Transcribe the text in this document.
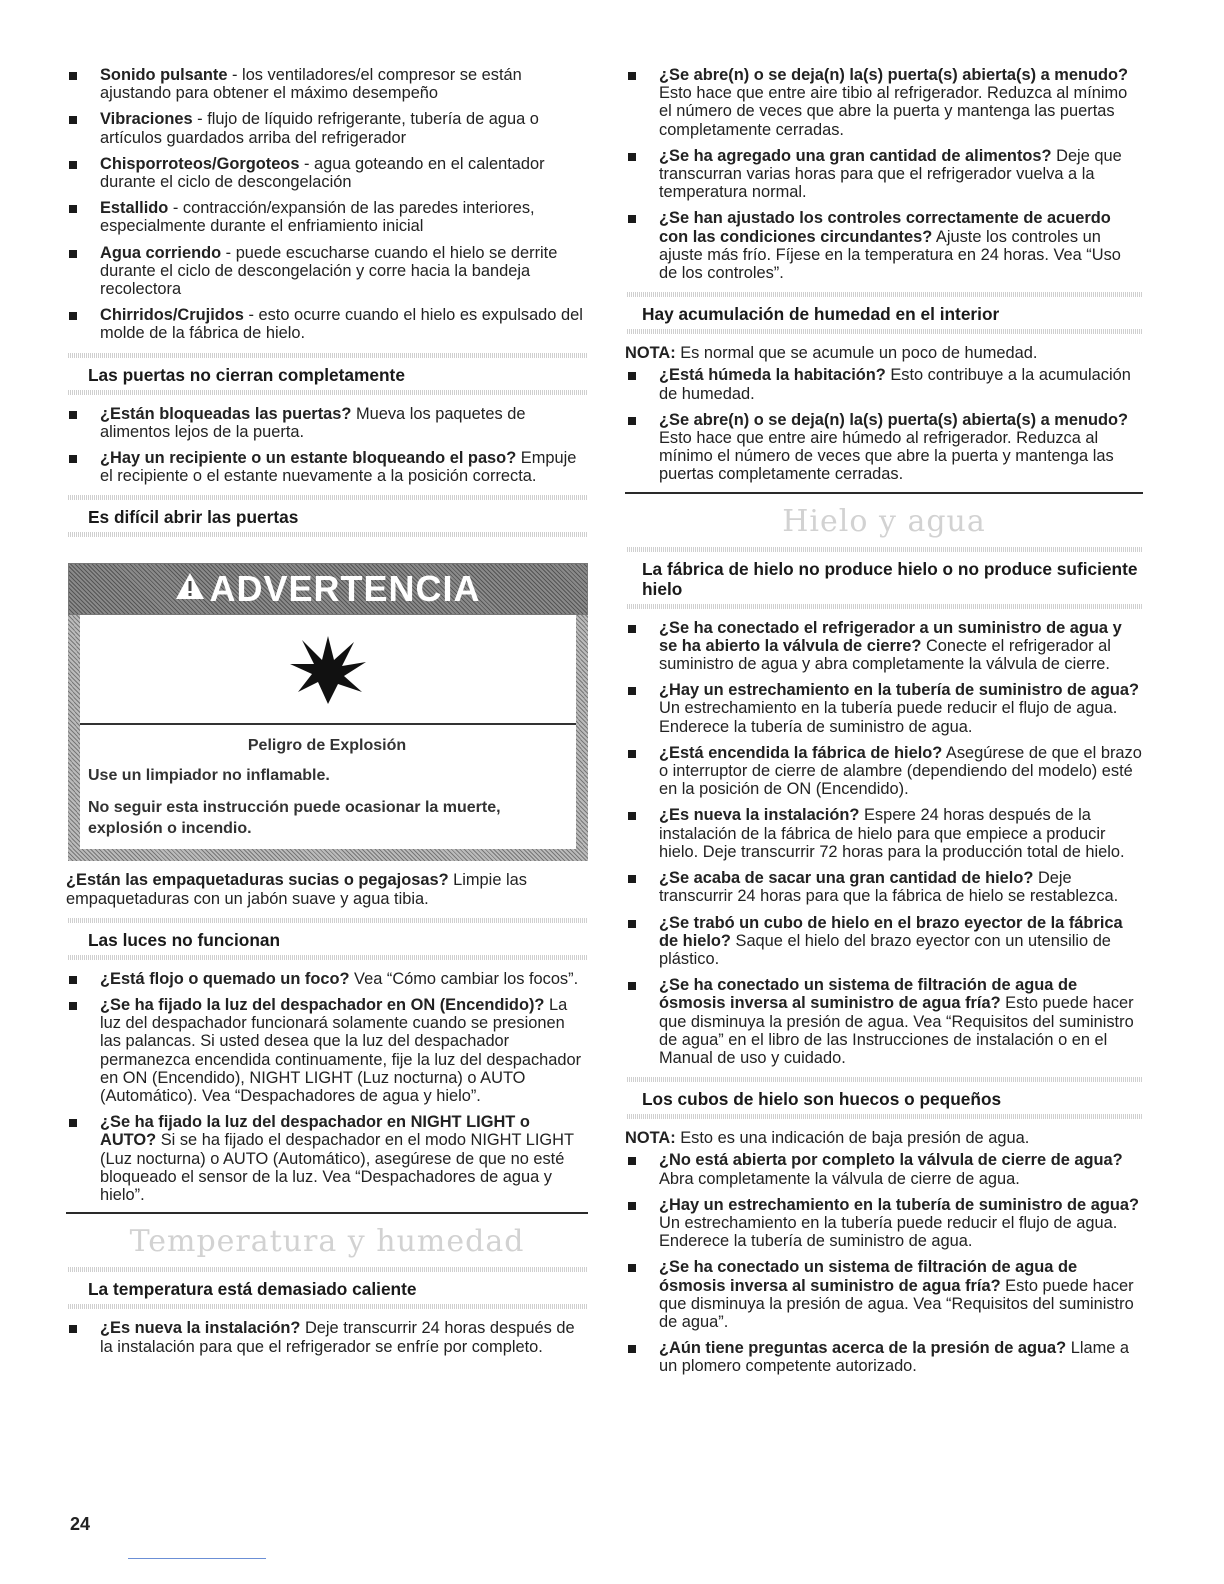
Sonido pulsante - los ventiladores/el compresor se están ajustando para obtener el máximo desempeño
Vibraciones - flujo de líquido refrigerante, tubería de agua o artículos guardados arriba del refrigerador
Chisporroteos/Gorgoteos - agua goteando en el calentador durante el ciclo de descongelación
Estallido - contracción/expansión de las paredes interiores, especialmente durante el enfriamiento inicial
Agua corriendo - puede escucharse cuando el hielo se derrite durante el ciclo de descongelación y corre hacia la bandeja recolectora
Chirridos/Crujidos - esto ocurre cuando el hielo es expulsado del molde de la fábrica de hielo.
Las puertas no cierran completamente
¿Están bloqueadas las puertas? Mueva los paquetes de alimentos lejos de la puerta.
¿Hay un recipiente o un estante bloqueando el paso? Empuje el recipiente o el estante nuevamente a la posición correcta.
Es difícil abrir las puertas
ADVERTENCIA
Peligro de Explosión
Use un limpiador no inflamable.
No seguir esta instrucción puede ocasionar la muerte, explosión o incendio.
¿Están las empaquetaduras sucias o pegajosas? Limpie las empaquetaduras con un jabón suave y agua tibia.
Las luces no funcionan
¿Está flojo o quemado un foco? Vea “Cómo cambiar los focos”.
¿Se ha fijado la luz del despachador en ON (Encendido)? La luz del despachador funcionará solamente cuando se presionen las palancas. Si usted desea que la luz del despachador permanezca encendida continuamente, fije la luz del despachador en ON (Encendido), NIGHT LIGHT (Luz nocturna) o AUTO (Automático). Vea “Despachadores de agua y hielo”.
¿Se ha fijado la luz del despachador en NIGHT LIGHT o AUTO? Si se ha fijado el despachador en el modo NIGHT LIGHT (Luz nocturna) o AUTO (Automático), asegúrese de que no esté bloqueado el sensor de la luz. Vea “Despachadores de agua y hielo”.
Temperatura y humedad
La temperatura está demasiado caliente
¿Es nueva la instalación? Deje transcurrir 24 horas después de la instalación para que el refrigerador se enfríe por completo.
¿Se abre(n) o se deja(n) la(s) puerta(s) abierta(s) a menudo? Esto hace que entre aire tibio al refrigerador. Reduzca al mínimo el número de veces que abre la puerta y mantenga las puertas completamente cerradas.
¿Se ha agregado una gran cantidad de alimentos? Deje que transcurran varias horas para que el refrigerador vuelva a la temperatura normal.
¿Se han ajustado los controles correctamente de acuerdo con las condiciones circundantes? Ajuste los controles un ajuste más frío. Fíjese en la temperatura en 24 horas. Vea “Uso de los controles”.
Hay acumulación de humedad en el interior
NOTA: Es normal que se acumule un poco de humedad.
¿Está húmeda la habitación? Esto contribuye a la acumulación de humedad.
¿Se abre(n) o se deja(n) la(s) puerta(s) abierta(s) a menudo? Esto hace que entre aire húmedo al refrigerador. Reduzca al mínimo el número de veces que abre la puerta y mantenga las puertas completamente cerradas.
Hielo y agua
La fábrica de hielo no produce hielo o no produce suficiente hielo
¿Se ha conectado el refrigerador a un suministro de agua y se ha abierto la válvula de cierre? Conecte el refrigerador al suministro de agua y abra completamente la válvula de cierre.
¿Hay un estrechamiento en la tubería de suministro de agua? Un estrechamiento en la tubería puede reducir el flujo de agua. Enderece la tubería de suministro de agua.
¿Está encendida la fábrica de hielo? Asegúrese de que el brazo o interruptor de cierre de alambre (dependiendo del modelo) esté en la posición de ON (Encendido).
¿Es nueva la instalación? Espere 24 horas después de la instalación de la fábrica de hielo para que empiece a producir hielo. Deje transcurrir 72 horas para la producción total de hielo.
¿Se acaba de sacar una gran cantidad de hielo? Deje transcurrir 24 horas para que la fábrica de hielo se restablezca.
¿Se trabó un cubo de hielo en el brazo eyector de la fábrica de hielo? Saque el hielo del brazo eyector con un utensilio de plástico.
¿Se ha conectado un sistema de filtración de agua de ósmosis inversa al suministro de agua fría? Esto puede hacer que disminuya la presión de agua. Vea “Requisitos del suministro de agua” en el libro de las Instrucciones de instalación o en el Manual de uso y cuidado.
Los cubos de hielo son huecos o pequeños
NOTA: Esto es una indicación de baja presión de agua.
¿No está abierta por completo la válvula de cierre de agua? Abra completamente la válvula de cierre de agua.
¿Hay un estrechamiento en la tubería de suministro de agua? Un estrechamiento en la tubería puede reducir el flujo de agua. Enderece la tubería de suministro de agua.
¿Se ha conectado un sistema de filtración de agua de ósmosis inversa al suministro de agua fría? Esto puede hacer que disminuya la presión de agua. Vea “Requisitos del suministro de agua”.
¿Aún tiene preguntas acerca de la presión de agua? Llame a un plomero competente autorizado.
24
